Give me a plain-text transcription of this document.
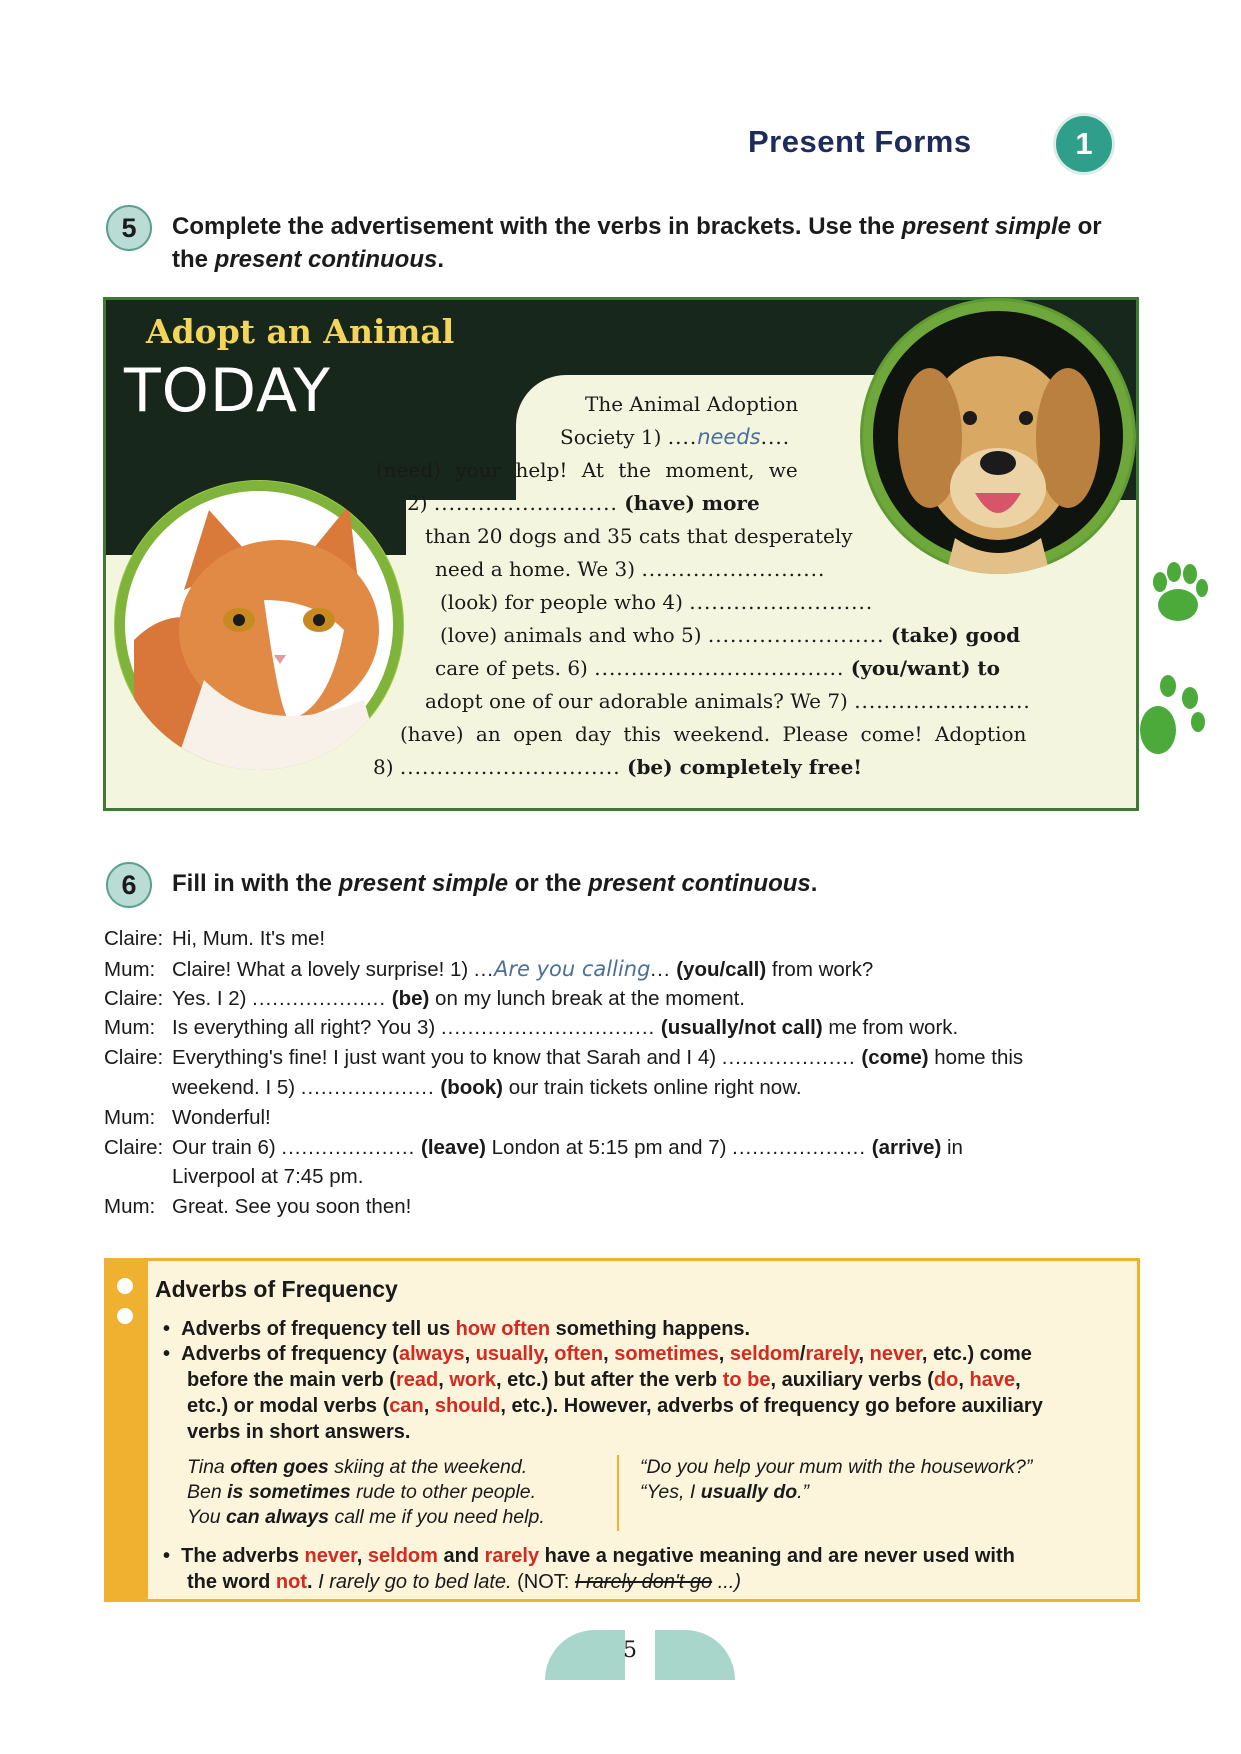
Present Forms	1
5	Complete the advertisement with the verbs in brackets. Use the present simple or
the present continuous.
Adopt an Animal
TODAY	The Animal Adoption
Society 1) ....needs....
(need) your help! At the moment, we
2) ......................... (have) more
than 20 dogs and 35 cats that desperately
need a home. We 3) .........................
(look) for people who 4) .........................
(love) animals and who 5) ........................ (take) good
care of pets. 6) .................................. (you/want) to
adopt one of our adorable animals? We 7) ........................
(have) an open day this weekend. Please come! Adoption
8) .............................. (be) completely free!
6	Fill in with the present simple or the present continuous.
Claire: Hi, Mum. It's me!
Mum: Claire! What a lovely surprise! 1) ...Are you calling... (you/call) from work?
Claire: Yes. I 2) .................... (be) on my lunch break at the moment.
Mum: Is everything all right? You 3) ................................ (usually/not call) me from work.
Claire: Everything's fine! I just want you to know that Sarah and I 4) .................... (come) home this
weekend. I 5) .................... (book) our train tickets online right now.
Mum: Wonderful!
Claire: Our train 6) .................... (leave) London at 5:15 pm and 7) .................... (arrive) in
Liverpool at 7:45 pm.
Mum: Great. See you soon then!
Adverbs of Frequency
•  Adverbs of frequency tell us how often something happens.
•  Adverbs of frequency (always, usually, often, sometimes, seldom/rarely, never, etc.) come
before the main verb (read, work, etc.) but after the verb to be, auxiliary verbs (do, have,
etc.) or modal verbs (can, should, etc.). However, adverbs of frequency go before auxiliary
verbs in short answers.
Tina often goes skiing at the weekend.
Ben is sometimes rude to other people.
You can always call me if you need help.
“Do you help your mum with the housework?”
“Yes, I usually do.”
•  The adverbs never, seldom and rarely have a negative meaning and are never used with
the word not. I rarely go to bed late. (NOT: I rarely don't go ...)
5
